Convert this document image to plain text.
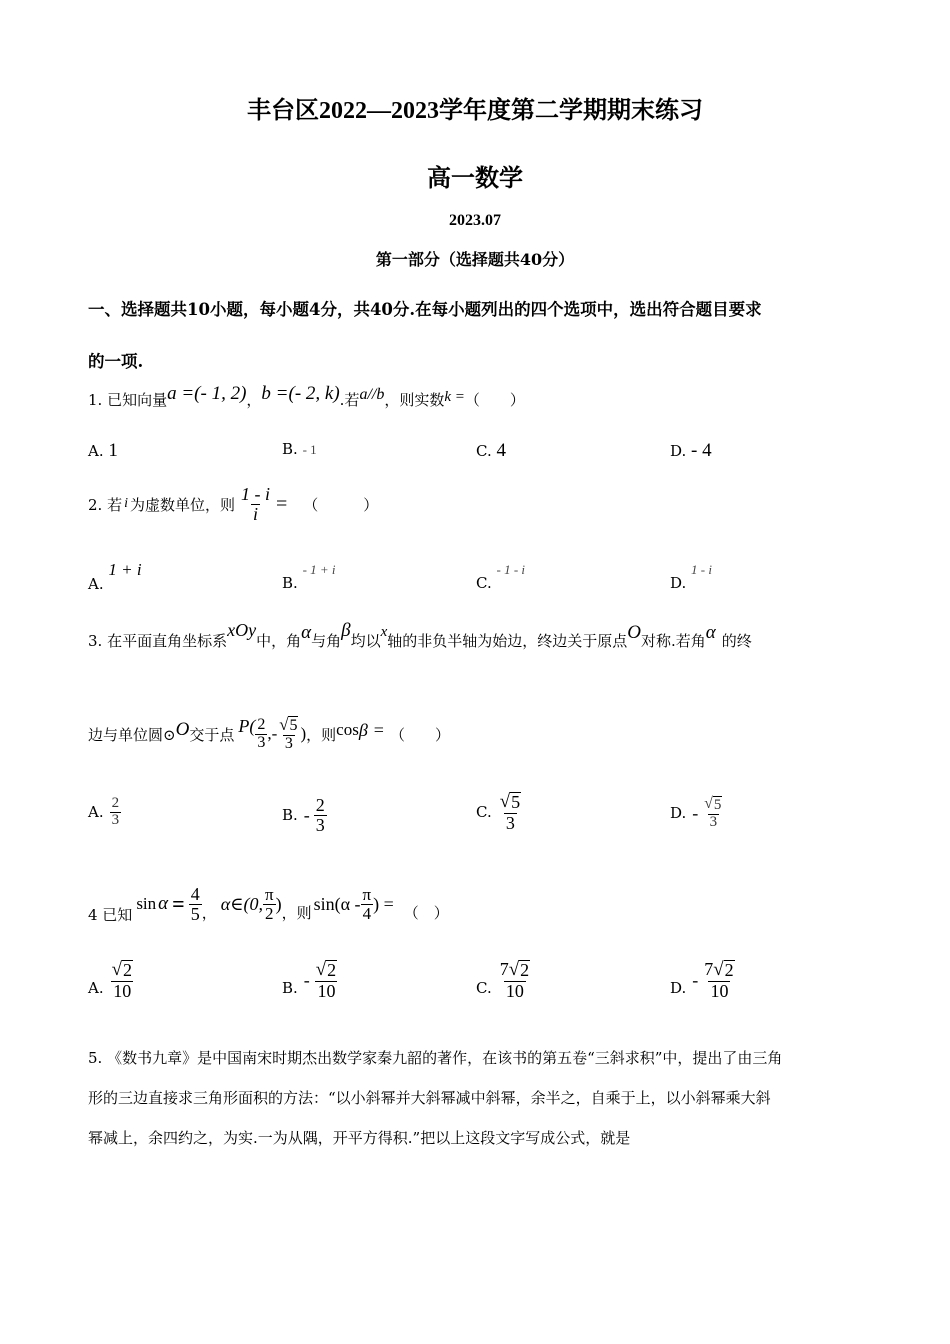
丰台区2022—2023学年度第二学期期末练习
高一数学
2023.07
第一部分（选择题共40分）
一、选择题共10小题，每小题4分，共40分.在每小题列出的四个选项中，选出符合题目要求
的一项.
1. 已知向量a =(- 1, 2)，b =(- 2, k).若a//b，则实数k =（　　）
A. 1	B. - 1	C. 4	D. - 4
2. 若 i 为虚数单位，则 $\frac{1 - i}{i}$ = （　　　）
A. 1 + i
B. - 1 + i
C. - 1 - i
D. 1 - i
3. 在平面直角坐标系xOy中，角α与角β均以x轴的非负半轴为始边，终边关于原点O对称.若角α 的终
边与单位圆⊙ O 交于点 $P( \frac{2}{3}$ ,- $\frac{√ 5}{3}$ ) ，则 cos β = （　　）
A. $\frac{2}{3}$	B. - $\frac{2}{3}$	C. $\frac{√ 5}{3}$	D. - $\frac{√ 5}{3}$
4 已知
$\sin \alpha = \frac{4}{5}$ ， α∈(0, $\frac{\pi}{2}$ ) ，则 $\sin(\alpha - \frac{\pi}{4}$ ) = （　）
A. $\frac{√ 2}{10}$	B. - $\frac{√ 2}{10}$	C. $\frac{7 √ 2}{10}$	D. - $\frac{7 √ 2}{10}$
5. 《数书九章》是中国南宋时期杰出数学家秦九韶的著作，在该书的第五卷“三斜求积”中，提出了由三角
形的三边直接求三角形面积的方法：“以小斜幂并大斜幂减中斜幂，余半之，自乘于上，以小斜幂乘大斜
幂减上，余四约之，为实.一为从隅，开平方得积.”把以上这段文字写成公式，就是
